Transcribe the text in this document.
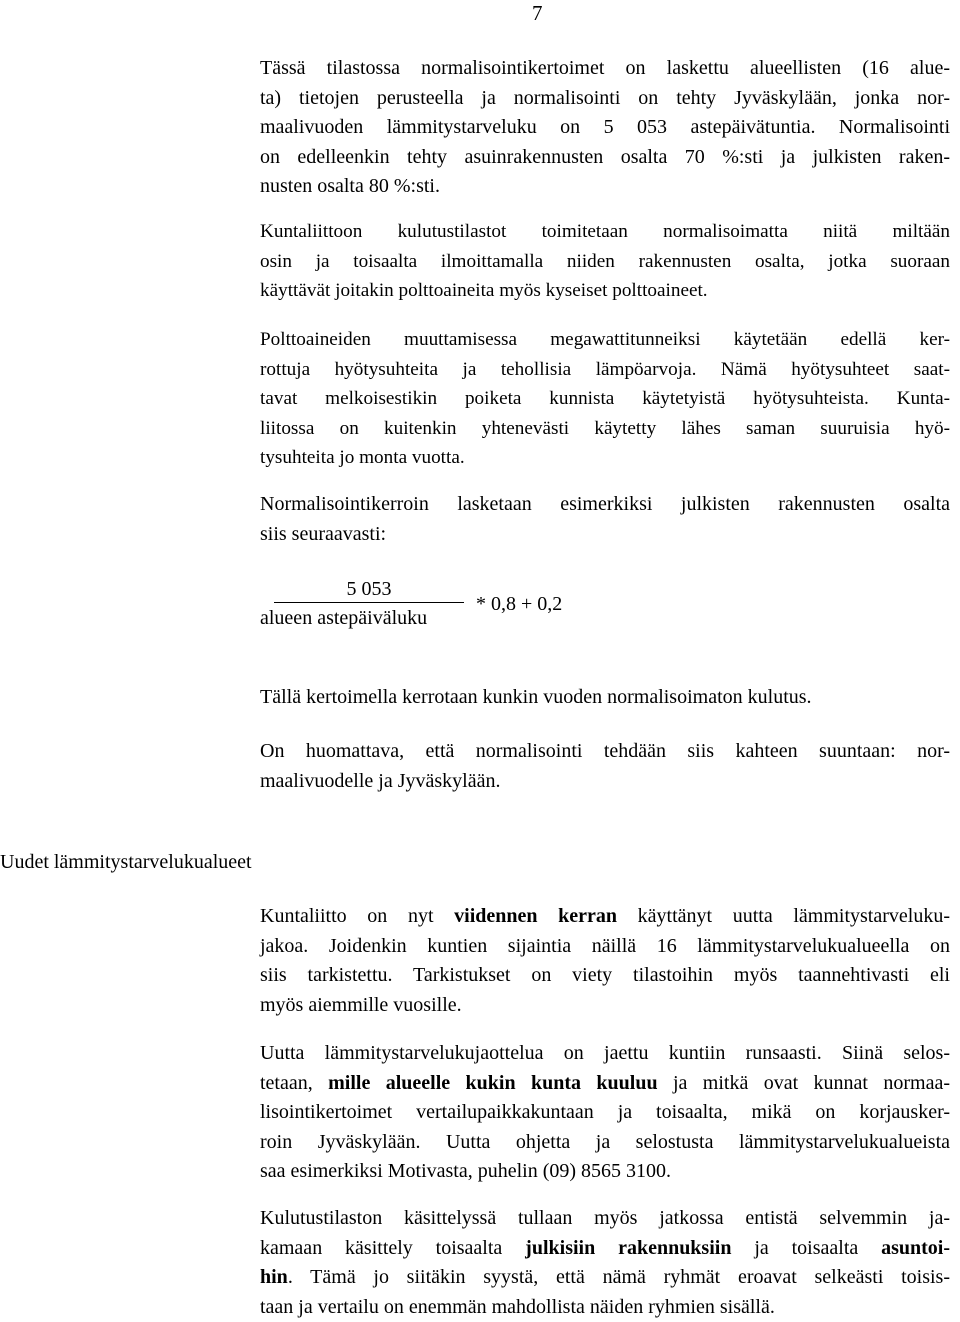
7
Tässä tilastossa normalisointikertoimet on laskettu alueellisten (16 alue-
ta) tietojen perusteella ja normalisointi on tehty Jyväskylään, jonka nor-
maalivuoden lämmitystarveluku on 5 053 astepäivätuntia. Normalisointi
on edelleenkin tehty asuinrakennusten osalta 70 %:sti ja julkisten raken-
nusten osalta 80 %:sti.
Kuntaliittoon kulutustilastot toimitetaan normalisoimatta niitä miltään
osin ja toisaalta ilmoittamalla niiden rakennusten osalta, jotka suoraan
käyttävät joitakin polttoaineita myös kyseiset polttoaineet.
Polttoaineiden muuttamisessa megawattitunneiksi käytetään edellä ker-
rottuja hyötysuhteita ja tehollisia lämpöarvoja. Nämä hyötysuhteet saat-
tavat melkoisestikin poiketa kunnista käytetyistä hyötysuhteista. Kunta-
liitossa on kuitenkin yhtenevästi käytetty lähes saman suuruisia hyö-
tysuhteita jo monta vuotta.
Normalisointikerroin lasketaan esimerkiksi julkisten rakennusten osalta
siis seuraavasti:
5 053
alueen astepäiväluku
* 0,8 + 0,2
Tällä kertoimella kerrotaan kunkin vuoden normalisoimaton kulutus.
On huomattava, että normalisointi tehdään siis kahteen suuntaan: nor-
maalivuodelle ja Jyväskylään.
Uudet lämmitystarvelukualueet
Kuntaliitto on nyt viidennen kerran käyttänyt uutta lämmitystarveluku-
jakoa. Joidenkin kuntien sijaintia näillä 16 lämmitystarvelukualueella on
siis tarkistettu. Tarkistukset on viety tilastoihin myös taannehtivasti eli
myös aiemmille vuosille.
Uutta lämmitystarvelukujaottelua on jaettu kuntiin runsaasti. Siinä selos-
tetaan, mille alueelle kukin kunta kuuluu ja mitkä ovat kunnat normaa-
lisointikertoimet vertailupaikkakuntaan ja toisaalta, mikä on korjausker-
roin Jyväskylään. Uutta ohjetta ja selostusta lämmitystarvelukualueista
saa esimerkiksi Motivasta, puhelin (09) 8565 3100.
Kulutustilaston käsittelyssä tullaan myös jatkossa entistä selvemmin ja-
kamaan käsittely toisaalta julkisiin rakennuksiin ja toisaalta asuntoi-
hin. Tämä jo siitäkin syystä, että nämä ryhmät eroavat selkeästi toisis-
taan ja vertailu on enemmän mahdollista näiden ryhmien sisällä.
